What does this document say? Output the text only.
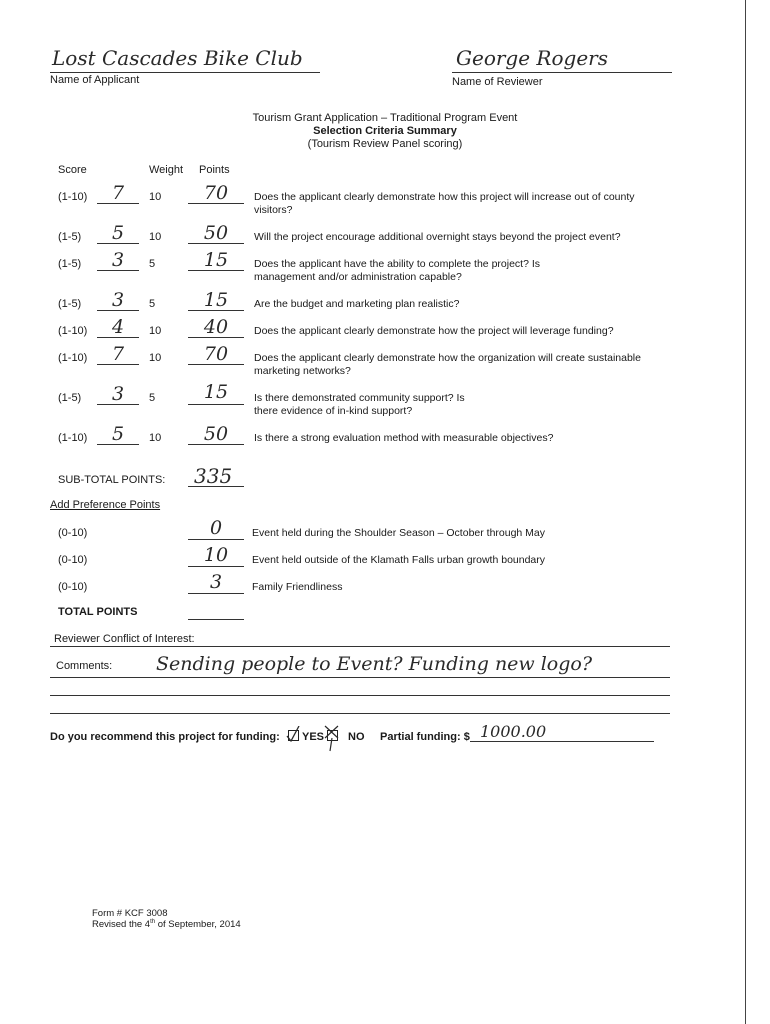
Lost Cascades Bike Club
Name of Applicant
George Rogers
Name of Reviewer
Tourism Grant Application – Traditional Program Event
Selection Criteria Summary
(Tourism Review Panel scoring)
Score	Weight Points
(1-10)	7	10	70	Does the applicant clearly demonstrate how this project will increase out of county visitors?
(1-5)	5	10	50	Will the project encourage additional overnight stays beyond the project event?
(1-5)	3	5	15	Does the applicant have the ability to complete the project? Is management and/or administration capable?
(1-5)	3	5	15	Are the budget and marketing plan realistic?
(1-10)	4	10	40	Does the applicant clearly demonstrate how the project will leverage funding?
(1-10)	7	10	70	Does the applicant clearly demonstrate how the organization will create sustainable marketing networks?
(1-5)	3	5	15	Is there demonstrated community support? Is there evidence of in-kind support?
(1-10)	5	10	50	Is there a strong evaluation method with measurable objectives?
SUB-TOTAL POINTS: 335
Add Preference Points
(0-10)	0	Event held during the Shoulder Season – October through May
(0-10)	10	Event held outside of the Klamath Falls urban growth boundary
(0-10)	3	Family Friendliness
TOTAL POINTS
Reviewer Conflict of Interest:
Comments: Sending people to Event? Funding new logo?
Do you recommend this project for funding: YES NO Partial funding: $ 1000.00
Form # KCF 3008
Revised the 4th of September, 2014
